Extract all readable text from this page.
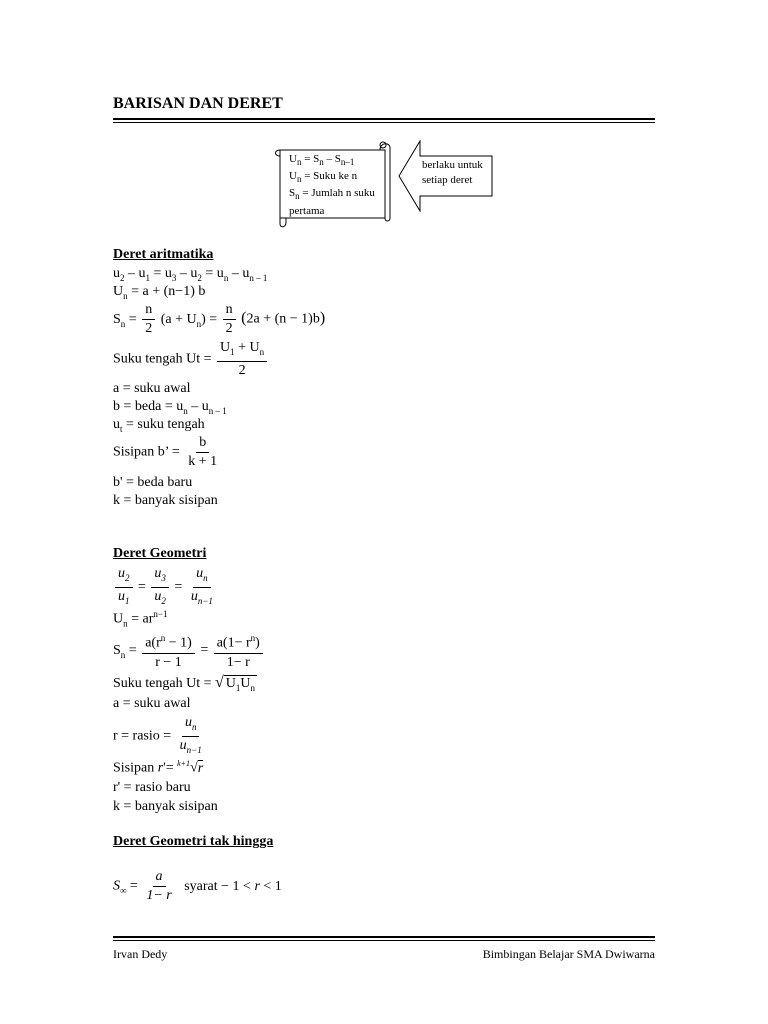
BARISAN DAN DERET
$U_n = S_n - S_{n-1}$
$U_n$ = Suku ke n
$S_n$ = Jumlah n suku
pertama
berlaku untuk
setiap deret
Deret aritmatika
$u_2 - u_1 = u_3 - u_2 = u_n - u_{n - 1}$
$U_n = a + (n-1)$ b
$S_n = \frac{n}{2} (a + U_n) = \frac{n}{2} (2a + (n - 1)b)$
Suku tengah $Ut = \frac{U_1 + U_n}{2}$
a = suku awal
b = beda = $u_n - u_{n - 1}$
$u_t$ = suku tengah
Sisipan b’ = $\frac{b}{k + 1}$
b' = beda baru
k = banyak sisipan
Deret Geometri
$\frac{u_2}{u_1} = \frac{u_3}{u_2} = \frac{u_n}{u_{n-1}}$
$U_n = ar^{n-1}$
$S_n = \frac{a(r^n - 1)}{r - 1} = \frac{a(1- r^n)}{1- r}$
Suku tengah Ut = √ $U_1U_n$
a = suku awal
r = rasio = $\frac{u_n}{u_{n-1}}$
Sisipan r'= $^{k+1}$√r
r' = rasio baru
k = banyak sisipan
Deret Geometri tak hingga
$S_\infty = \frac{a}{1- r}$ syarat − 1 < r < 1
Irvan Dedy	Bimbingan Belajar SMA Dwiwarna
